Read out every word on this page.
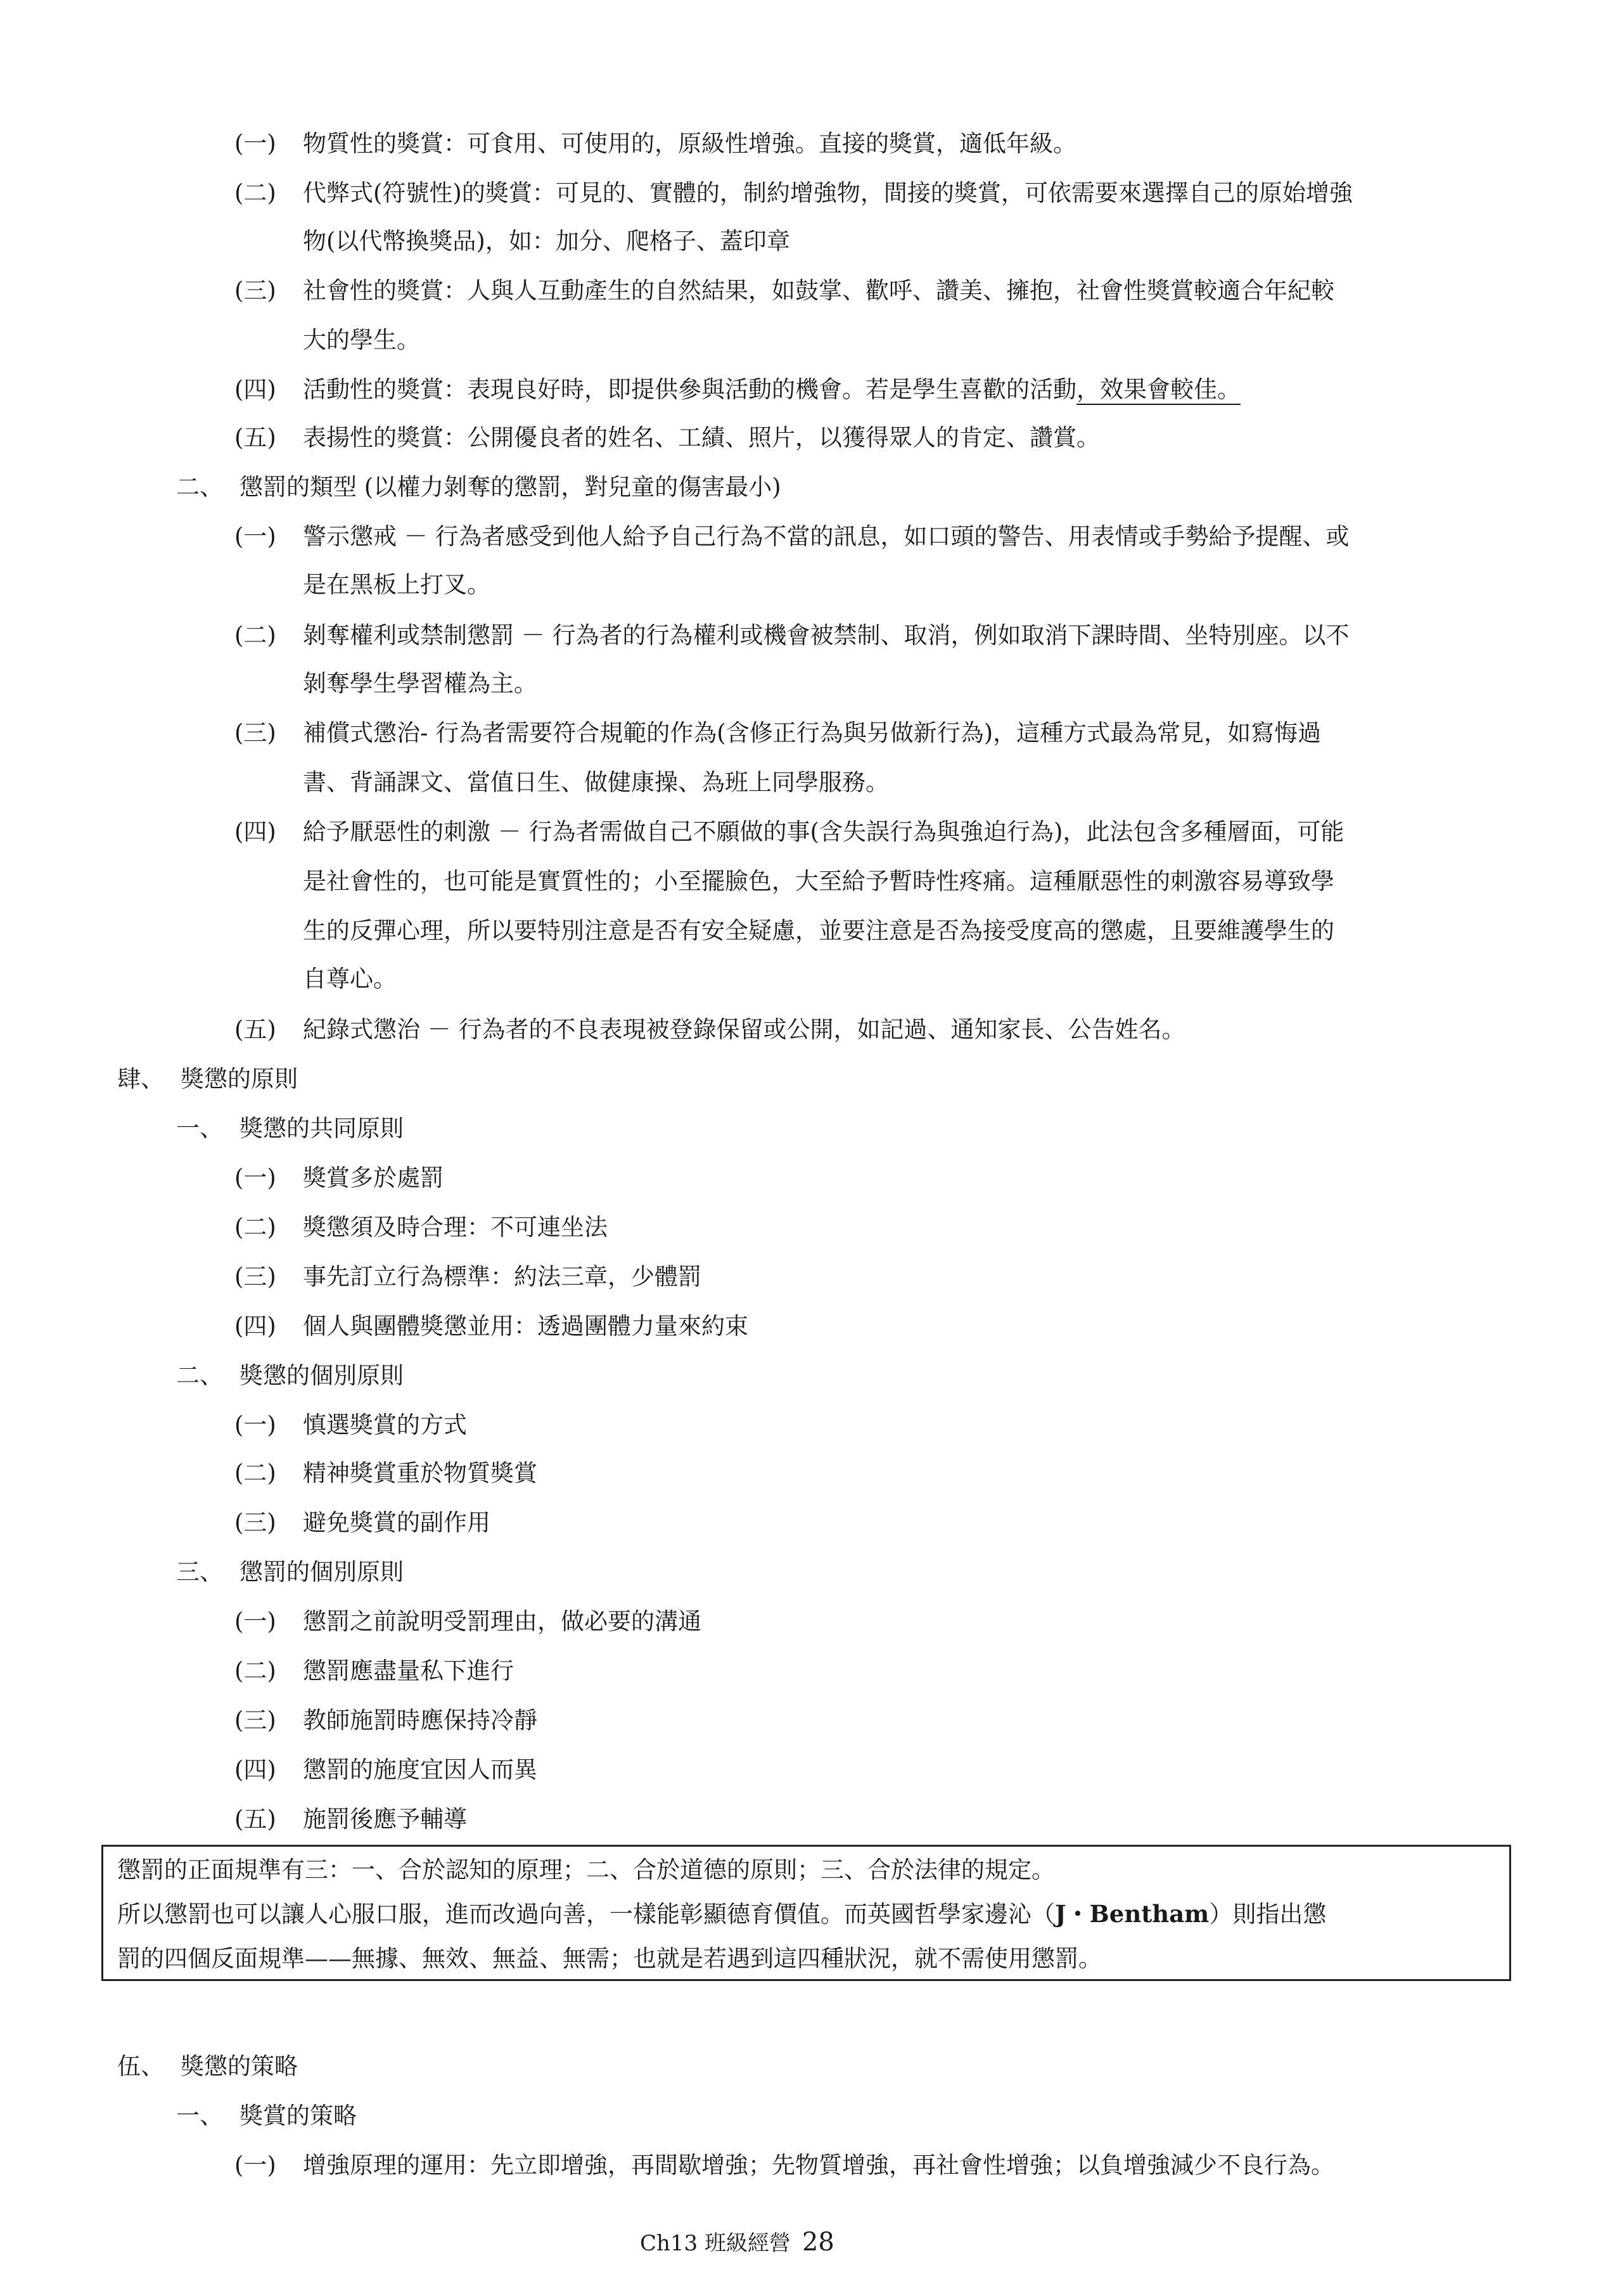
(一) 物質性的獎賞：可食用、可使用的，原級性增強。直接的獎賞，適低年級。
(二) 代弊式(符號性)的獎賞：可見的、實體的，制約增強物，間接的獎賞，可依需要來選擇自己的原始增強
物(以代幣換獎品)，如：加分、爬格子、蓋印章
(三) 社會性的獎賞：人與人互動產生的自然結果，如鼓掌、歡呼、讚美、擁抱，社會性獎賞較適合年紀較
大的學生。
(四) 活動性的獎賞：表現良好時，即提供參與活動的機會。若是學生喜歡的活動，效果會較佳。
(五) 表揚性的獎賞：公開優良者的姓名、工績、照片，以獲得眾人的肯定、讚賞。
二、 懲罰的類型 (以權力剝奪的懲罰，對兒童的傷害最小)
(一) 警示懲戒 － 行為者感受到他人給予自己行為不當的訊息，如口頭的警告、用表情或手勢給予提醒、或
是在黑板上打叉。
(二) 剝奪權利或禁制懲罰 － 行為者的行為權利或機會被禁制、取消，例如取消下課時間、坐特別座。以不
剝奪學生學習權為主。
(三) 補償式懲治- 行為者需要符合規範的作為(含修正行為與另做新行為)，這種方式最為常見，如寫悔過
書、背誦課文、當值日生、做健康操、為班上同學服務。
(四) 給予厭惡性的刺激 － 行為者需做自己不願做的事(含失誤行為與強迫行為)，此法包含多種層面，可能
是社會性的，也可能是實質性的；小至擺臉色，大至給予暫時性疼痛。這種厭惡性的刺激容易導致學
生的反彈心理，所以要特別注意是否有安全疑慮，並要注意是否為接受度高的懲處，且要維護學生的
自尊心。
(五) 紀錄式懲治 － 行為者的不良表現被登錄保留或公開，如記過、通知家長、公告姓名。
肆、 獎懲的原則
一、 獎懲的共同原則
(一) 獎賞多於處罰
(二) 獎懲須及時合理：不可連坐法
(三) 事先訂立行為標準：約法三章，少體罰
(四) 個人與團體獎懲並用：透過團體力量來約束
二、 獎懲的個別原則
(一) 慎選獎賞的方式
(二) 精神獎賞重於物質獎賞
(三) 避免獎賞的副作用
三、 懲罰的個別原則
(一) 懲罰之前說明受罰理由，做必要的溝通
(二) 懲罰應盡量私下進行
(三) 教師施罰時應保持冷靜
(四) 懲罰的施度宜因人而異
(五) 施罰後應予輔導
懲罰的正面規準有三：一、合於認知的原理；二、合於道德的原則；三、合於法律的規定。
所以懲罰也可以讓人心服口服，進而改過向善，一樣能彰顯德育價值。而英國哲學家邊沁（J・Bentham）則指出懲
罰的四個反面規準——無據、無效、無益、無需；也就是若遇到這四種狀況，就不需使用懲罰。
伍、 獎懲的策略
一、 獎賞的策略
(一) 增強原理的運用：先立即增強，再間歇增強；先物質增強，再社會性增強；以負增強減少不良行為。
Ch13 班級經營 28
